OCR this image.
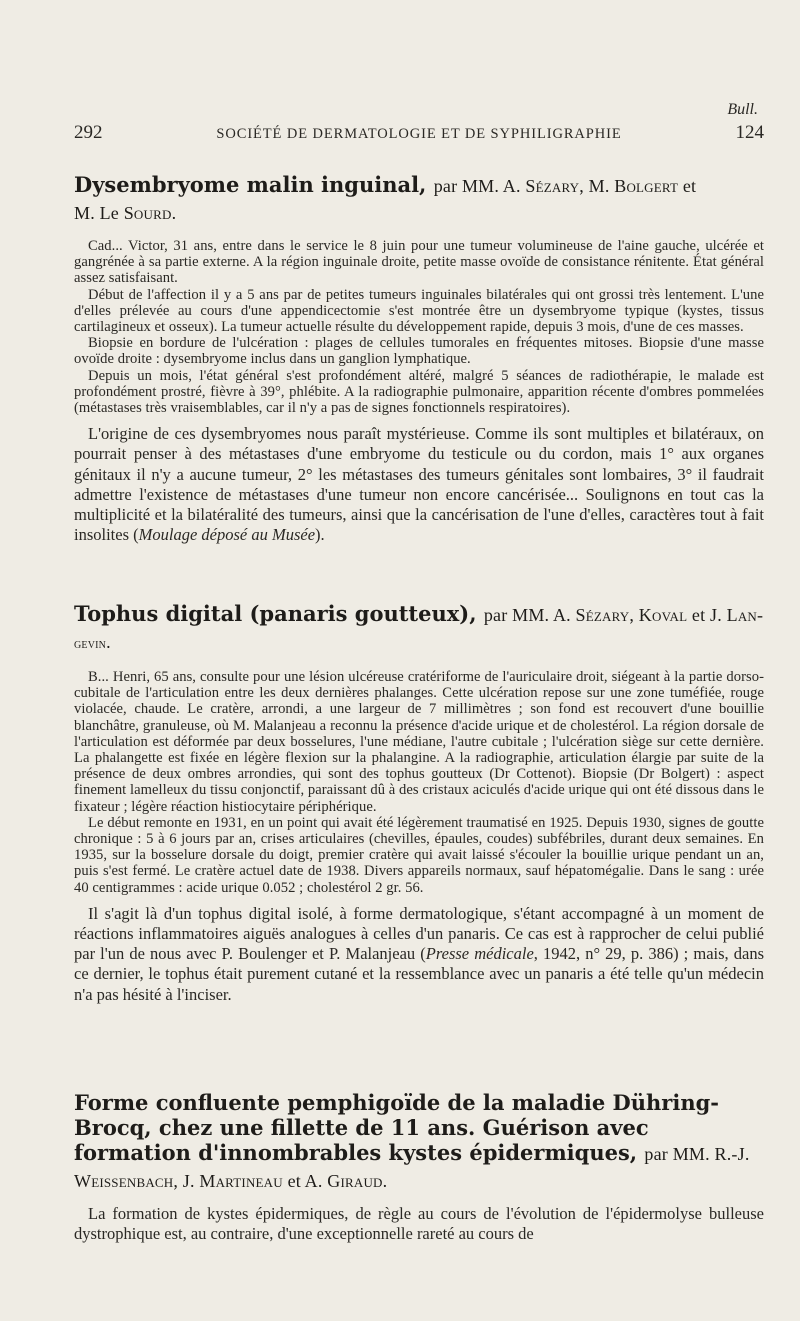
Bull.
292	SOCIÉTÉ DE DERMATOLOGIE ET DE SYPHILIGRAPHIE	124
Dysembryome malin inguinal, par MM. A. Sézary, M. Bolgert et
M. Le Sourd.

Cad... Victor, 31 ans, entre dans le service le 8 juin pour une tumeur volumineuse de l'aine gauche, ulcérée et gangrénée à sa partie externe. A la région inguinale droite, petite masse ovoïde de consistance rénitente. État général assez satisfaisant.

Début de l'affection il y a 5 ans par de petites tumeurs inguinales bilatérales qui ont grossi très lentement. L'une d'elles prélevée au cours d'une appendicectomie s'est montrée être un dysembryome typique (kystes, tissus cartilagineux et osseux). La tumeur actuelle résulte du développement rapide, depuis 3 mois, d'une de ces masses.

Biopsie en bordure de l'ulcération : plages de cellules tumorales en fréquentes mitoses. Biopsie d'une masse ovoïde droite : dysembryome inclus dans un ganglion lymphatique.

Depuis un mois, l'état général s'est profondément altéré, malgré 5 séances de radiothérapie, le malade est profondément prostré, fièvre à 39°, phlébite. A la radiographie pulmonaire, apparition récente d'ombres pommelées (métastases très vraisemblables, car il n'y a pas de signes fonctionnels respiratoires).

L'origine de ces dysembryomes nous paraît mystérieuse. Comme ils sont multiples et bilatéraux, on pourrait penser à des métastases d'une embryome du testicule ou du cordon, mais 1° aux organes génitaux il n'y a aucune tumeur, 2° les métastases des tumeurs génitales sont lombaires, 3° il faudrait admettre l'existence de métastases d'une tumeur non encore cancérisée... Soulignons en tout cas la multiplicité et la bilatéralité des tumeurs, ainsi que la cancérisation de l'une d'elles, caractères tout à fait insolites (Moulage déposé au Musée).

Tophus digital (panaris goutteux), par MM. A. Sézary, Koval et J. Lan-
gevin.

B... Henri, 65 ans, consulte pour une lésion ulcéreuse cratériforme de l'auriculaire droit, siégeant à la partie dorso-cubitale de l'articulation entre les deux dernières phalanges. Cette ulcération repose sur une zone tuméfiée, rouge violacée, chaude. Le cratère, arrondi, a une largeur de 7 millimètres ; son fond est recouvert d'une bouillie blanchâtre, granuleuse, où M. Malanjeau a reconnu la présence d'acide urique et de cholestérol. La région dorsale de l'articulation est déformée par deux bosselures, l'une médiane, l'autre cubitale ; l'ulcération siège sur cette dernière. La phalangette est fixée en légère flexion sur la phalangine. A la radiographie, articulation élargie par suite de la présence de deux ombres arrondies, qui sont des tophus goutteux (Dr Cottenot). Biopsie (Dr Bolgert) : aspect finement lamelleux du tissu conjonctif, paraissant dû à des cristaux aciculés d'acide urique qui ont été dissous dans le fixateur ; légère réaction histiocytaire périphérique.

Le début remonte en 1931, en un point qui avait été légèrement traumatisé en 1925. Depuis 1930, signes de goutte chronique : 5 à 6 jours par an, crises articulaires (chevilles, épaules, coudes) subfébriles, durant deux semaines. En 1935, sur la bosselure dorsale du doigt, premier cratère qui avait laissé s'écouler la bouillie urique pendant un an, puis s'est fermé. Le cratère actuel date de 1938. Divers appareils normaux, sauf hépatomégalie. Dans le sang : urée 40 centigrammes : acide urique 0.052 ; cholestérol 2 gr. 56.

Il s'agit là d'un tophus digital isolé, à forme dermatologique, s'étant accompagné à un moment de réactions inflammatoires aiguës analogues à celles d'un panaris. Ce cas est à rapprocher de celui publié par l'un de nous avec P. Boulenger et P. Malanjeau (Presse médicale, 1942, n° 29, p. 386) ; mais, dans ce dernier, le tophus était purement cutané et la ressemblance avec un panaris a été telle qu'un médecin n'a pas hésité à l'inciser.

Forme confluente pemphigoïde de la maladie Dühring-Brocq, chez une fillette de 11 ans. Guérison avec formation d'innombrables kystes épidermiques, par MM. R.-J. Weissenbach, J. Martineau et A. Giraud.

La formation de kystes épidermiques, de règle au cours de l'évolution de l'épidermolyse bulleuse dystrophique est, au contraire, d'une exceptionnelle rareté au cours de
